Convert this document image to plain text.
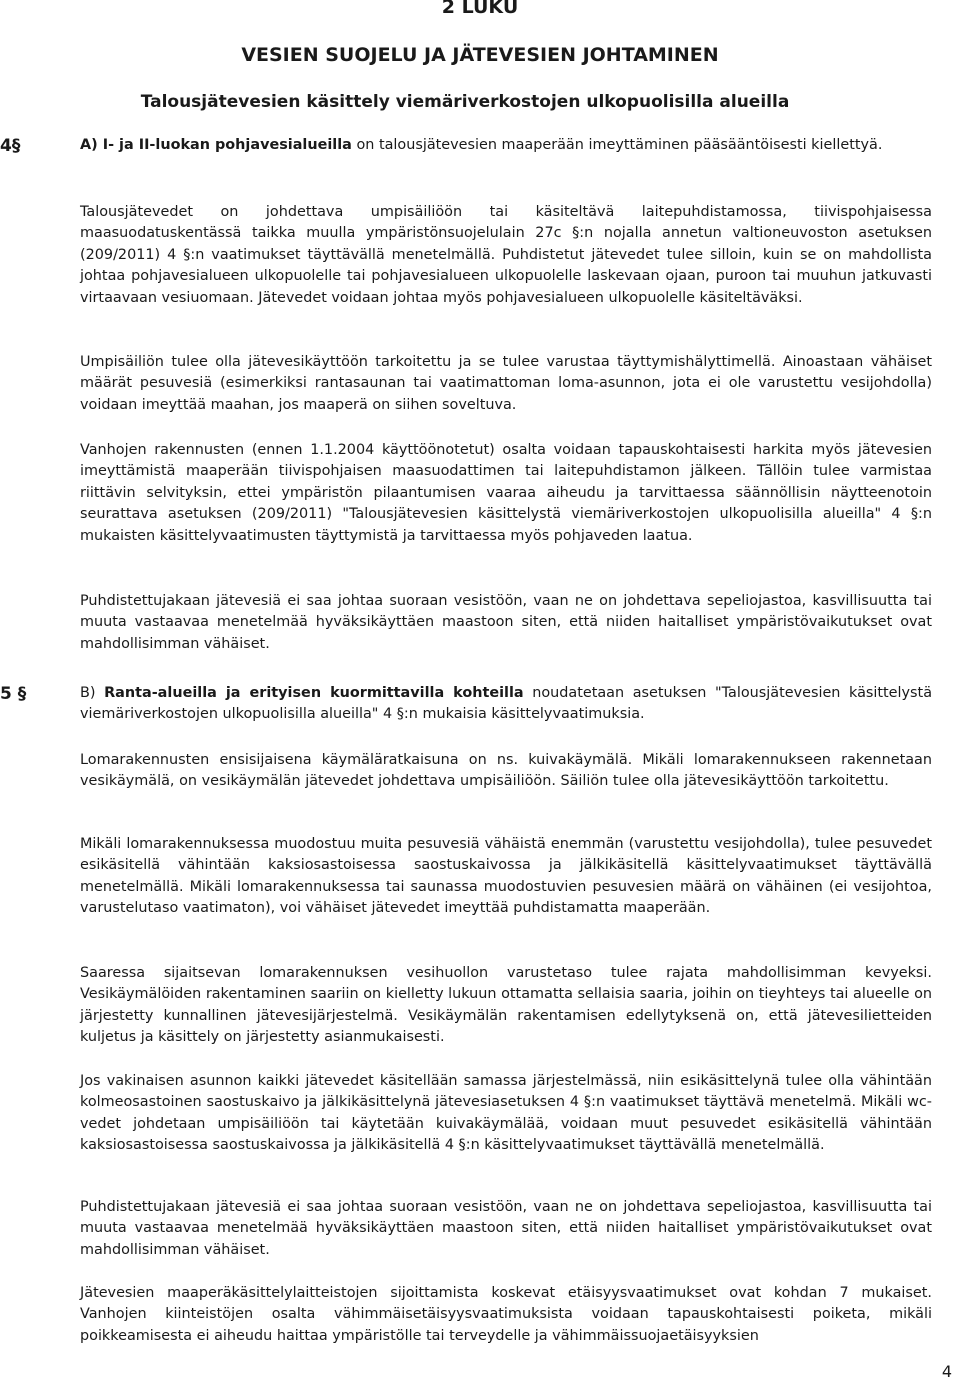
2 LUKU
VESIEN SUOJELU JA JÄTEVESIEN JOHTAMINEN
Talousjätevesien käsittely viemäriverkostojen ulkopuolisilla alueilla
4§	A) I- ja II-luokan pohjavesialueilla on talousjätevesien maaperään imeyttäminen pääsääntöisesti kiellettyä.

Talousjätevedet on johdettava umpisäiliöön tai käsiteltävä laitepuhdistamossa, tiivispohjaisessa maasuodatuskentässä taikka muulla ympäristönsuojelulain 27c §:n nojalla annetun valtioneuvoston asetuksen (209/2011) 4 §:n vaatimukset täyttävällä menetelmällä. Puhdistetut jätevedet tulee silloin, kuin se on mahdollista johtaa pohjavesialueen ulkopuolelle tai pohjavesialueen ulkopuolelle laskevaan ojaan, puroon tai muuhun jatkuvasti virtaavaan vesiuomaan. Jätevedet voidaan johtaa myös pohjavesialueen ulkopuolelle käsiteltäväksi.

Umpisäiliön tulee olla jätevesikäyttöön tarkoitettu ja se tulee varustaa täyttymishälyttimellä. Ainoastaan vähäiset määrät pesuvesiä (esimerkiksi rantasaunan tai vaatimattoman loma-asunnon, jota ei ole varustettu vesijohdolla) voidaan imeyttää maahan, jos maaperä on siihen soveltuva.

Vanhojen rakennusten (ennen 1.1.2004 käyttöönotetut) osalta voidaan tapauskohtaisesti harkita myös jätevesien imeyttämistä maaperään tiivispohjaisen maasuodattimen tai laitepuhdistamon jälkeen. Tällöin tulee varmistaa riittävin selvityksin, ettei ympäristön pilaantumisen vaaraa aiheudu ja tarvittaessa säännöllisin näytteenotoin seurattava asetuksen (209/2011) "Talousjätevesien käsittelystä viemäriverkostojen ulkopuolisilla alueilla" 4 §:n mukaisten käsittelyvaatimusten täyttymistä ja tarvittaessa myös pohjaveden laatua.

Puhdistettujakaan jätevesiä ei saa johtaa suoraan vesistöön, vaan ne on johdettava sepeliojastoa, kasvillisuutta tai muuta vastaavaa menetelmää hyväksikäyttäen maastoon siten, että niiden haitalliset ympäristövaikutukset ovat mahdollisimman vähäiset.

5 §	B) Ranta-alueilla ja erityisen kuormittavilla kohteilla noudatetaan asetuksen "Talousjätevesien käsittelystä viemäriverkostojen ulkopuolisilla alueilla" 4 §:n mukaisia käsittelyvaatimuksia.

Lomarakennusten ensisijaisena käymäläratkaisuna on ns. kuivakäymälä. Mikäli lomarakennukseen rakennetaan vesikäymälä, on vesikäymälän jätevedet johdettava umpisäiliöön. Säiliön tulee olla jätevesikäyttöön tarkoitettu.

Mikäli lomarakennuksessa muodostuu muita pesuvesiä vähäistä enemmän (varustettu vesijohdolla), tulee pesuvedet esikäsitellä vähintään kaksiosastoisessa saostuskaivossa ja jälkikäsitellä käsittelyvaatimukset täyttävällä menetelmällä. Mikäli lomarakennuksessa tai saunassa muodostuvien pesuvesien määrä on vähäinen (ei vesijohtoa, varustelutaso vaatimaton), voi vähäiset jätevedet imeyttää puhdistamatta maaperään.

Saaressa sijaitsevan lomarakennuksen vesihuollon varustetaso tulee rajata mahdollisimman kevyeksi. Vesikäymälöiden rakentaminen saariin on kielletty lukuun ottamatta sellaisia saaria, joihin on tieyhteys tai alueelle on järjestetty kunnallinen jätevesijärjestelmä. Vesikäymälän rakentamisen edellytyksenä on, että jätevesilietteiden kuljetus ja käsittely on järjestetty asianmukaisesti.

Jos vakinaisen asunnon kaikki jätevedet käsitellään samassa järjestelmässä, niin esikäsittelynä tulee olla vähintään kolmeosastoinen saostuskaivo ja jälkikäsittelynä jätevesiasetuksen 4 §:n vaatimukset täyttävä menetelmä. Mikäli wc-vedet johdetaan umpisäiliöön tai käytetään kuivakäymälää, voidaan muut pesuvedet esikäsitellä vähintään kaksiosastoisessa saostuskaivossa ja jälkikäsitellä 4 §:n käsittelyvaatimukset täyttävällä menetelmällä.

Puhdistettujakaan jätevesiä ei saa johtaa suoraan vesistöön, vaan ne on johdettava sepeliojastoa, kasvillisuutta tai muuta vastaavaa menetelmää hyväksikäyttäen maastoon siten, että niiden haitalliset ympäristövaikutukset ovat mahdollisimman vähäiset.

Jätevesien maaperäkäsittelylaitteistojen sijoittamista koskevat etäisyysvaatimukset ovat kohdan 7 mukaiset. Vanhojen kiinteistöjen osalta vähimmäisetäisyysvaatimuksista voidaan tapauskohtaisesti poiketa, mikäli poikkeamisesta ei aiheudu haittaa ympäristölle tai terveydelle ja vähimmäissuojaetäisyyksien

4
